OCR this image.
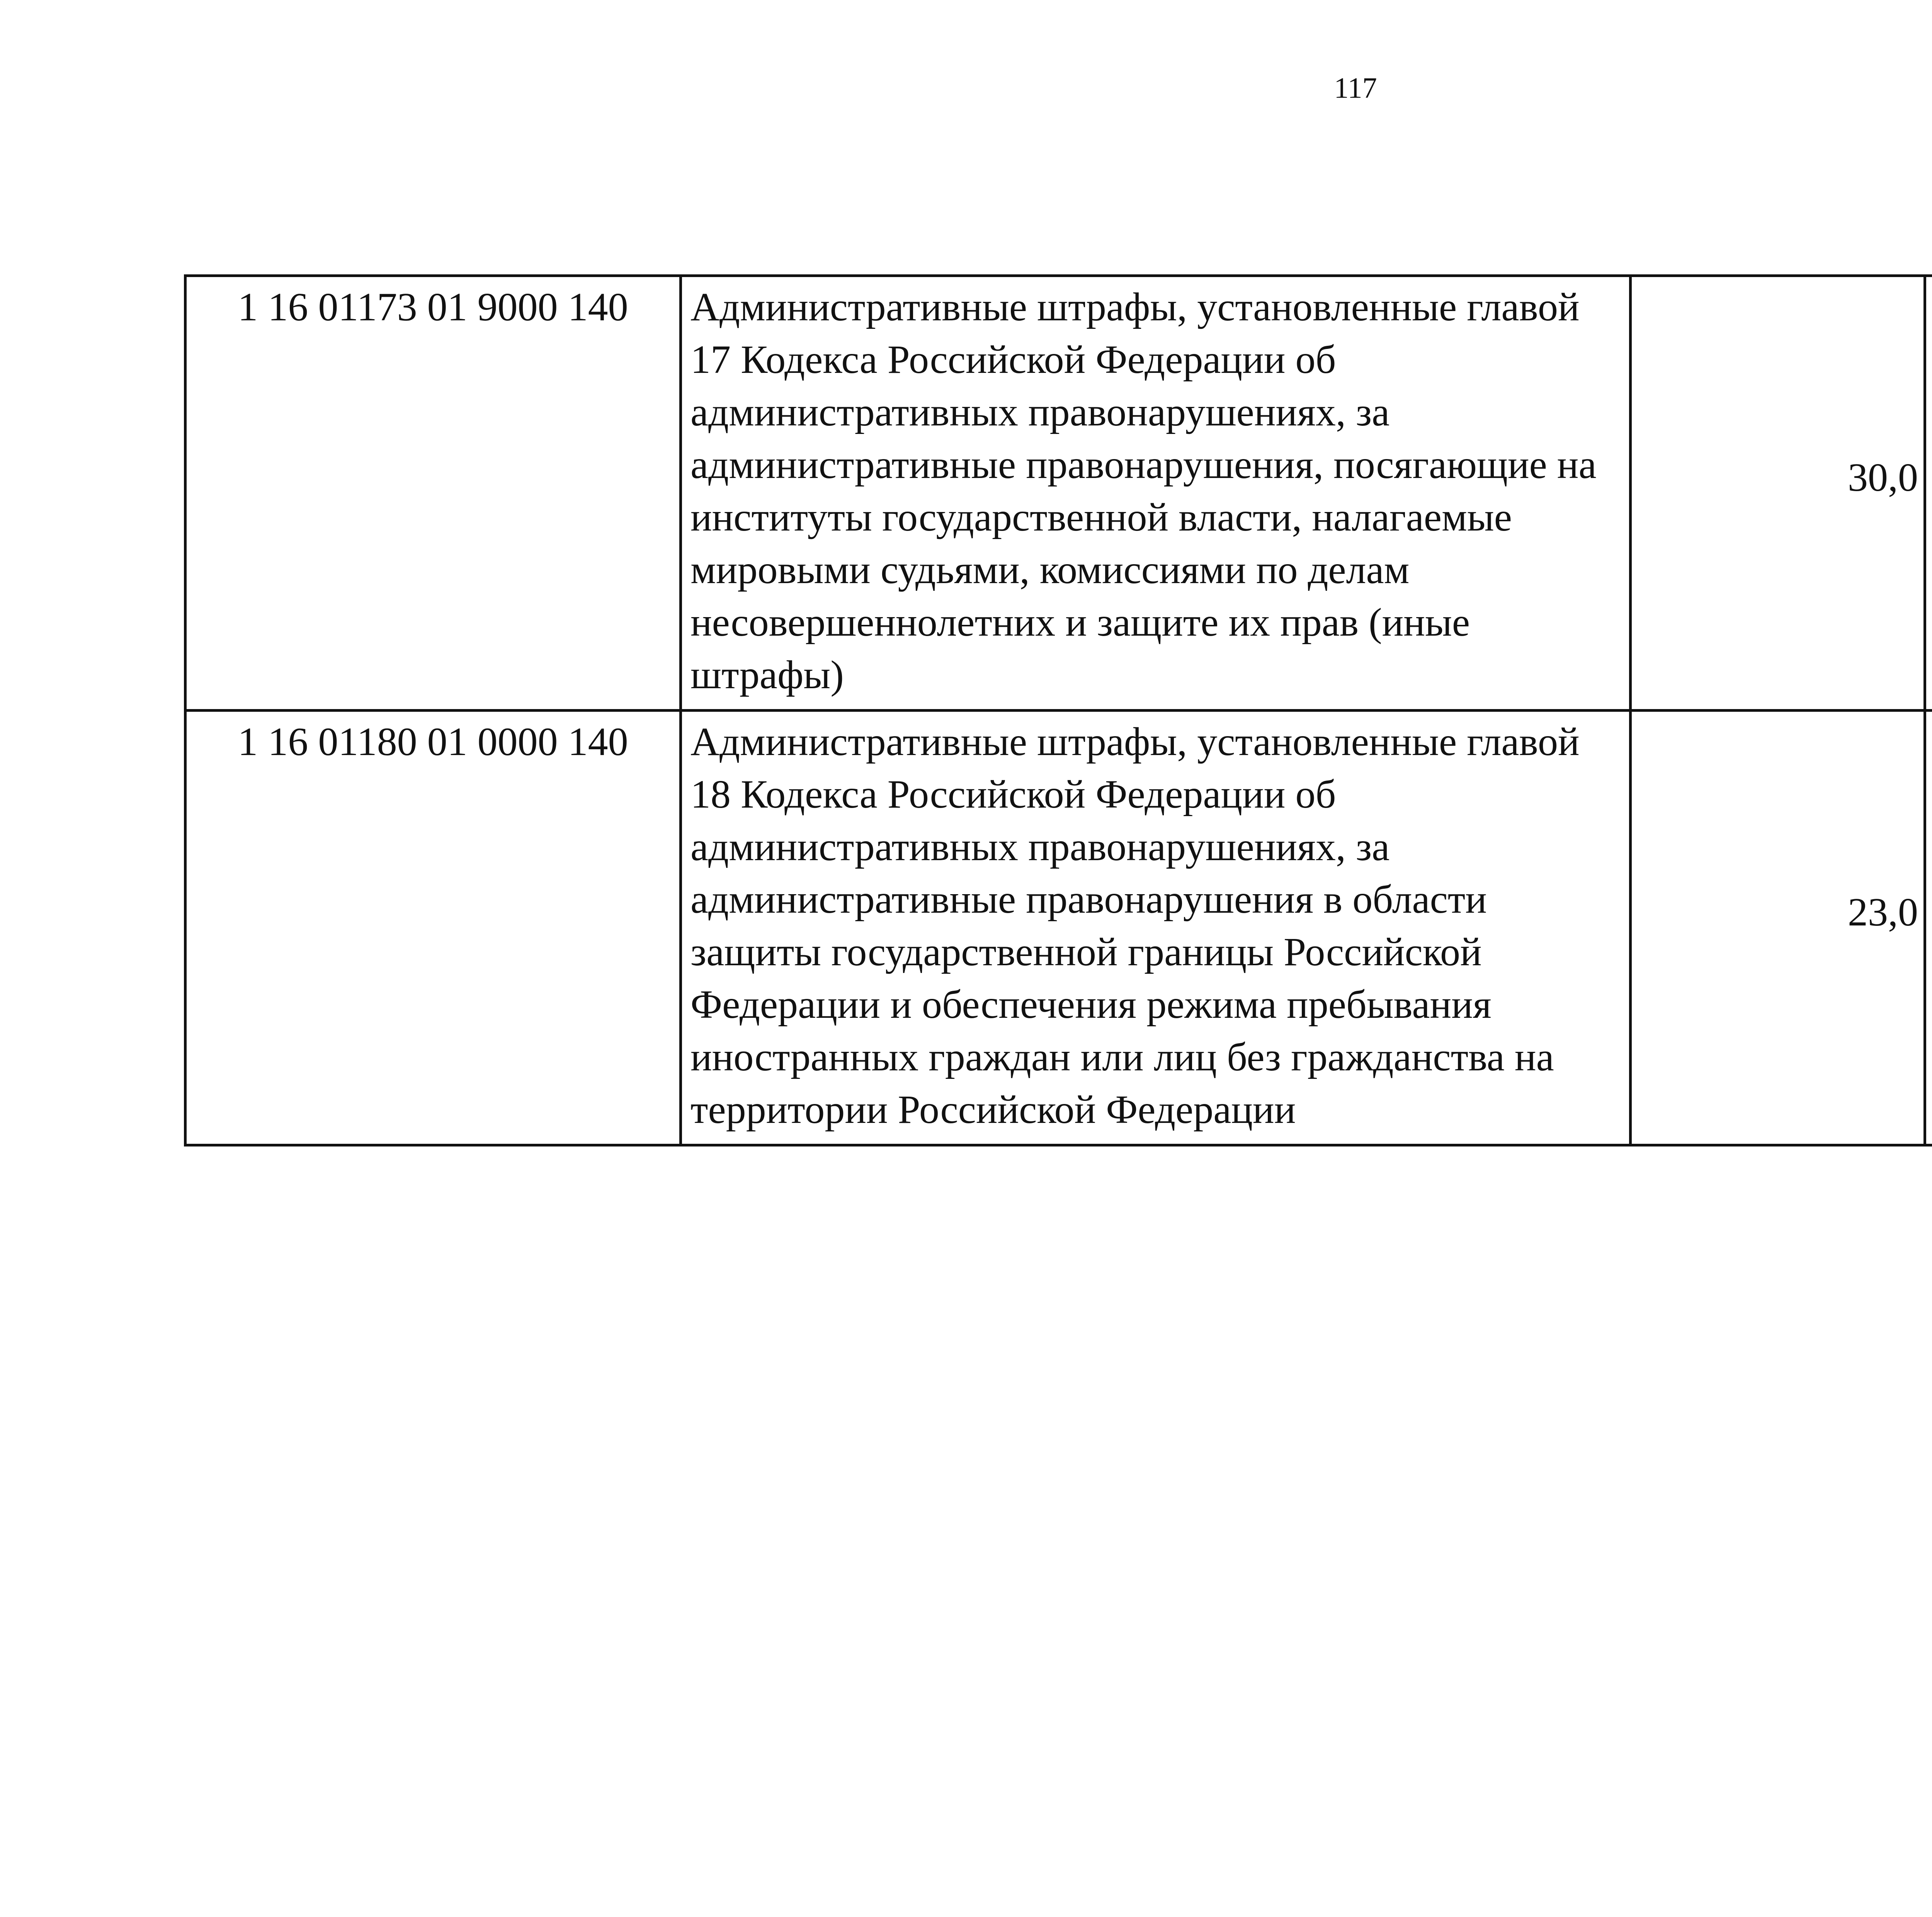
117
1 16 01173 01 9000 140	Административные штрафы, установленные главой 17 Кодекса Российской Федерации об административных правонарушениях, за административные правонарушения, посягающие на институты государственной власти, налагаемые мировыми судьями, комиссиями по делам несовершеннолетних и защите их прав (иные штрафы)	30,0

1 16 01180 01 0000 140	Административные штрафы, установленные главой 18 Кодекса Российской Федерации об административных правонарушениях, за административные правонарушения в области защиты государственной границы Российской Федерации и обеспечения режима пребывания иностранных граждан или лиц без гражданства на территории Российской Федерации	23,0
